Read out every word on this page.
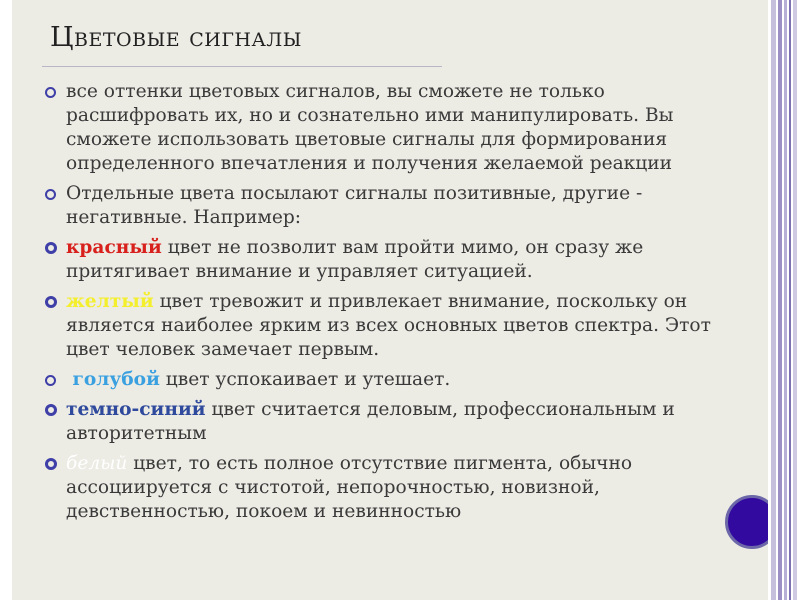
Цветовые сигналы
все оттенки цветовых сигналов, вы сможете не только расшифровать их, но и сознательно ими манипулировать. Вы сможете использовать цветовые сигналы для формирования определенного впечатления и получения желаемой реакции
Отдельные цвета посылают сигналы позитивные, другие - негативные. Например:
красный цвет не позволит вам пройти мимо, он сразу же притягивает внимание и управляет ситуацией.
желтый цвет тревожит и привлекает внимание, поскольку он является наиболее ярким из всех основных цветов спектра. Этот цвет человек замечает первым.
голубой цвет успокаивает и утешает.
темно-синий цвет считается деловым, профессиональным и авторитетным
белый цвет, то есть полное отсутствие пигмента, обычно ассоциируется с чистотой, непорочностью, новизной, девственностью, покоем и невинностью
